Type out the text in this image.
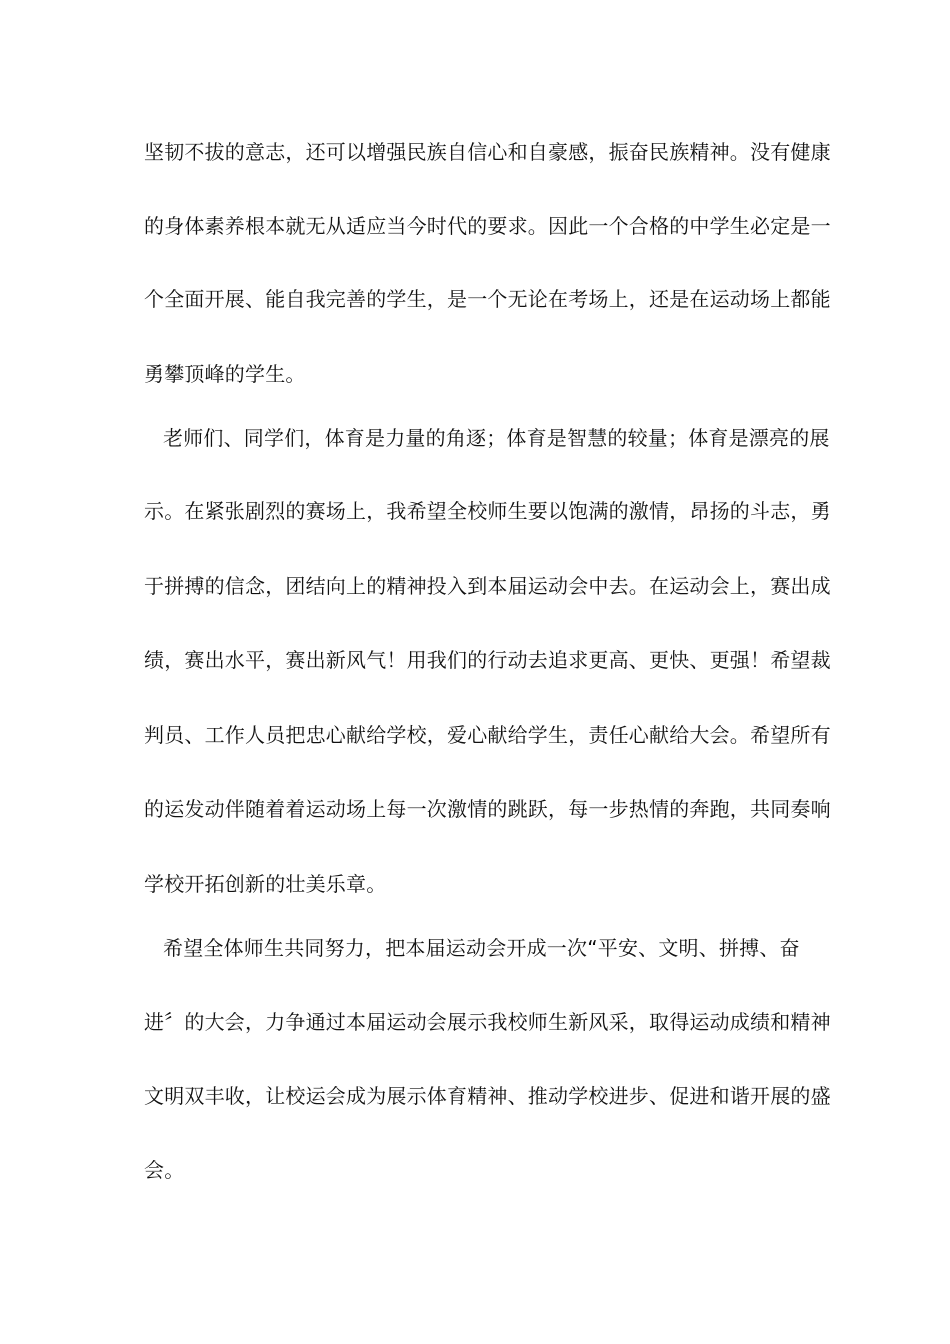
坚韧不拔的意志，还可以增强民族自信心和自豪感，振奋民族精神。没有健康
的身体素养根本就无从适应当今时代的要求。因此一个合格的中学生必定是一
个全面开展、能自我完善的学生，是一个无论在考场上，还是在运动场上都能
勇攀顶峰的学生。
老师们、同学们，体育是力量的角逐；体育是智慧的较量；体育是漂亮的展
示。在紧张剧烈的赛场上，我希望全校师生要以饱满的激情，昂扬的斗志，勇
于拼搏的信念，团结向上的精神投入到本届运动会中去。在运动会上，赛出成
绩，赛出水平，赛出新风气！用我们的行动去追求更高、更快、更强！希望裁
判员、工作人员把忠心献给学校，爱心献给学生，责任心献给大会。希望所有
的运发动伴随着着运动场上每一次激情的跳跃，每一步热情的奔跑，共同奏响
学校开拓创新的壮美乐章。
希望全体师生共同努力，把本届运动会开成一次“平安、文明、拼搏、奋
进〞的大会，力争通过本届运动会展示我校师生新风采，取得运动成绩和精神
文明双丰收，让校运会成为展示体育精神、推动学校进步、促进和谐开展的盛
会。
